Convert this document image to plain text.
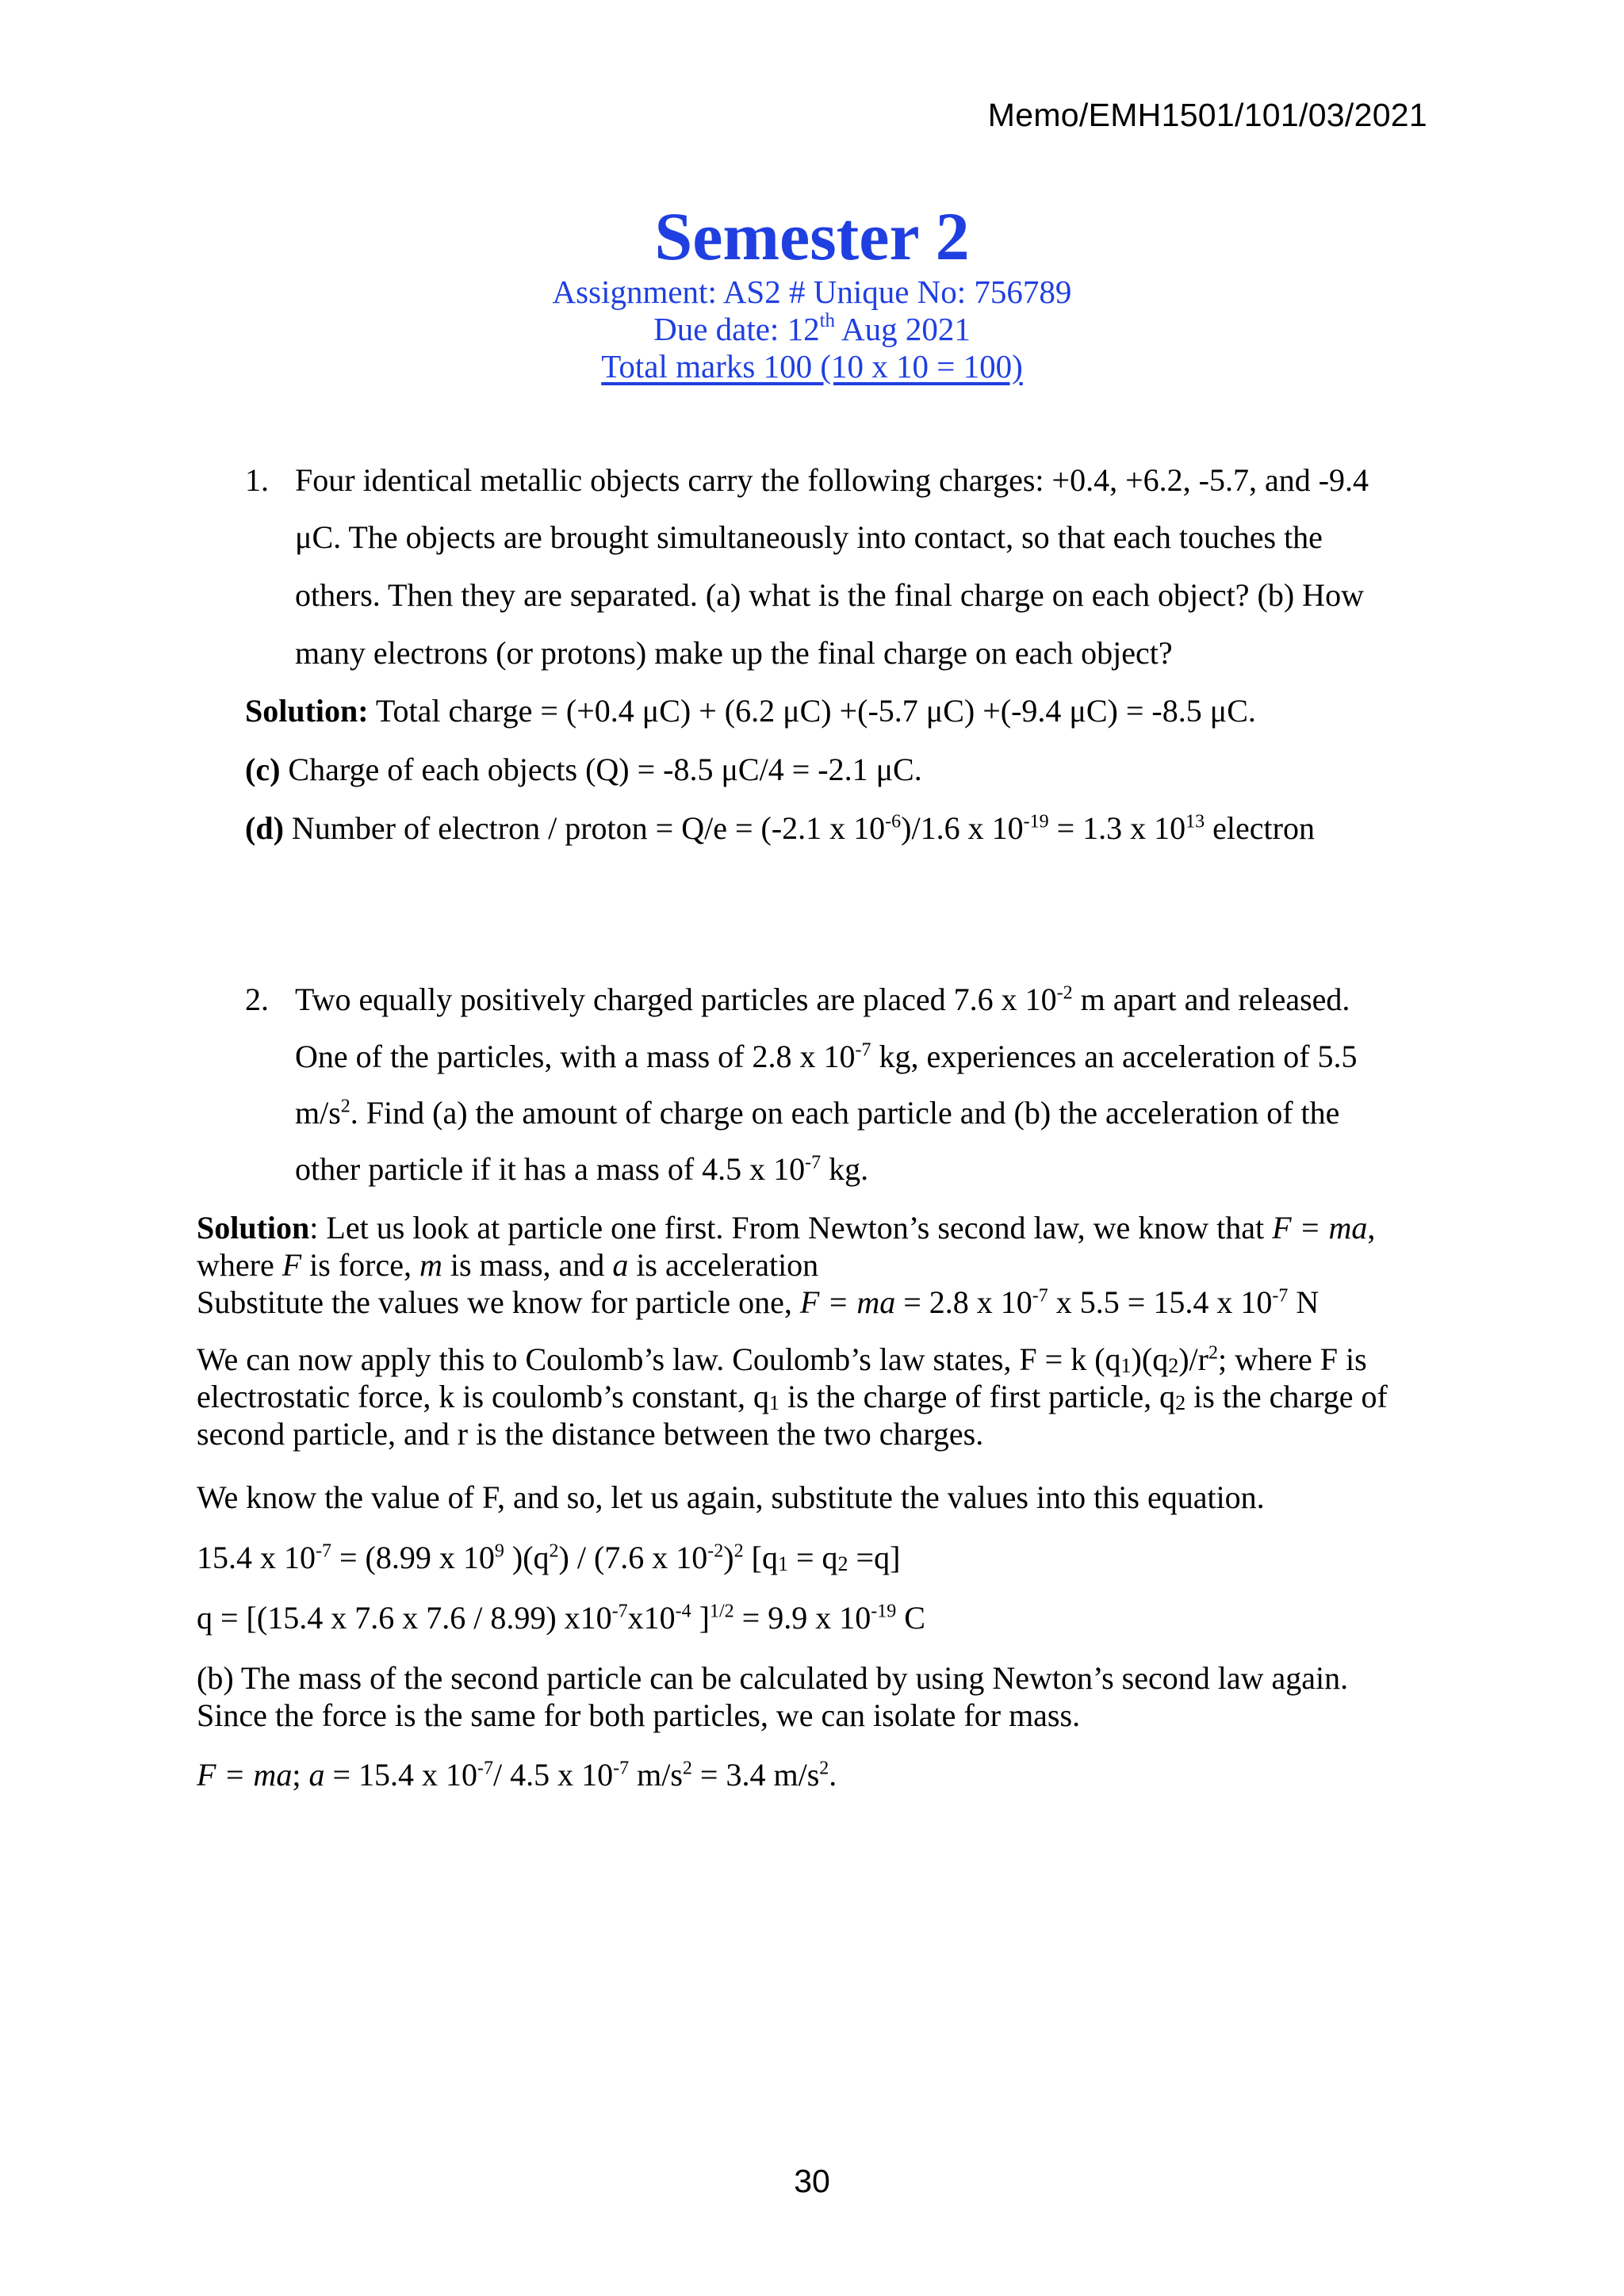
Memo/EMH1501/101/03/2021
Semester 2
Assignment: AS2 # Unique No: 756789
Due date: 12th Aug 2021
Total marks 100 (10 x 10 = 100)
1. Four identical metallic objects carry the following charges: +0.4, +6.2, -5.7, and -9.4
μC. The objects are brought simultaneously into contact, so that each touches the
others. Then they are separated. (a) what is the final charge on each object? (b) How
many electrons (or protons) make up the final charge on each object?
Solution: Total charge = (+0.4 μC) + (6.2 μC) +(-5.7 μC) +(-9.4 μC) = -8.5 μC.
(c) Charge of each objects (Q) = -8.5 μC/4 = -2.1 μC.
(d) Number of electron / proton = Q/e = (-2.1 x $10^{-6})/1.6$ x $10^{-19} = 1.3$ x $10^{13}$ electron
2. Two equally positively charged particles are placed 7.6 x $10^{-2}$ m apart and released.
One of the particles, with a mass of 2.8 x $10^{-7}$ kg, experiences an acceleration of 5.5
$m/s^2$. Find (a) the amount of charge on each particle and (b) the acceleration of the
other particle if it has a mass of 4.5 x $10^{-7}$ kg.
Solution: Let us look at particle one first. From Newton’s second law, we know that F = ma,
where F is force, m is mass, and a is acceleration
Substitute the values we know for particle one, F = ma = 2.8 x $10^{-7}$ x 5.5 = 15.4 x $10^{-7}$ N
We can now apply this to Coulomb’s law. Coulomb’s law states, F = k $(q_1)(q_2)/r^2$; where F is
electrostatic force, k is coulomb’s constant, $q_1$ is the charge of first particle, $q_2$ is the charge of
second particle, and r is the distance between the two charges.
We know the value of F, and so, let us again, substitute the values into this equation.
15.4 x $10^{-7} = (8.99$ x $10^9$ )$(q^2) / (7.6$ x $10^{-2})^2$ $[q_1 = q_2 =q]$
q = [(15.4 x 7.6 x 7.6 / 8.99) $x10^{-7}x10^{-4}$ ]$^{1/2}$ = 9.9 x $10^{-19}$ C
(b) The mass of the second particle can be calculated by using Newton’s second law again.
Since the force is the same for both particles, we can isolate for mass.
F = ma; a = 15.4 x $10^{-7}/$ 4.5 x $10^{-7}$ $m/s^2 = 3.4$ $m/s^2$.
30
